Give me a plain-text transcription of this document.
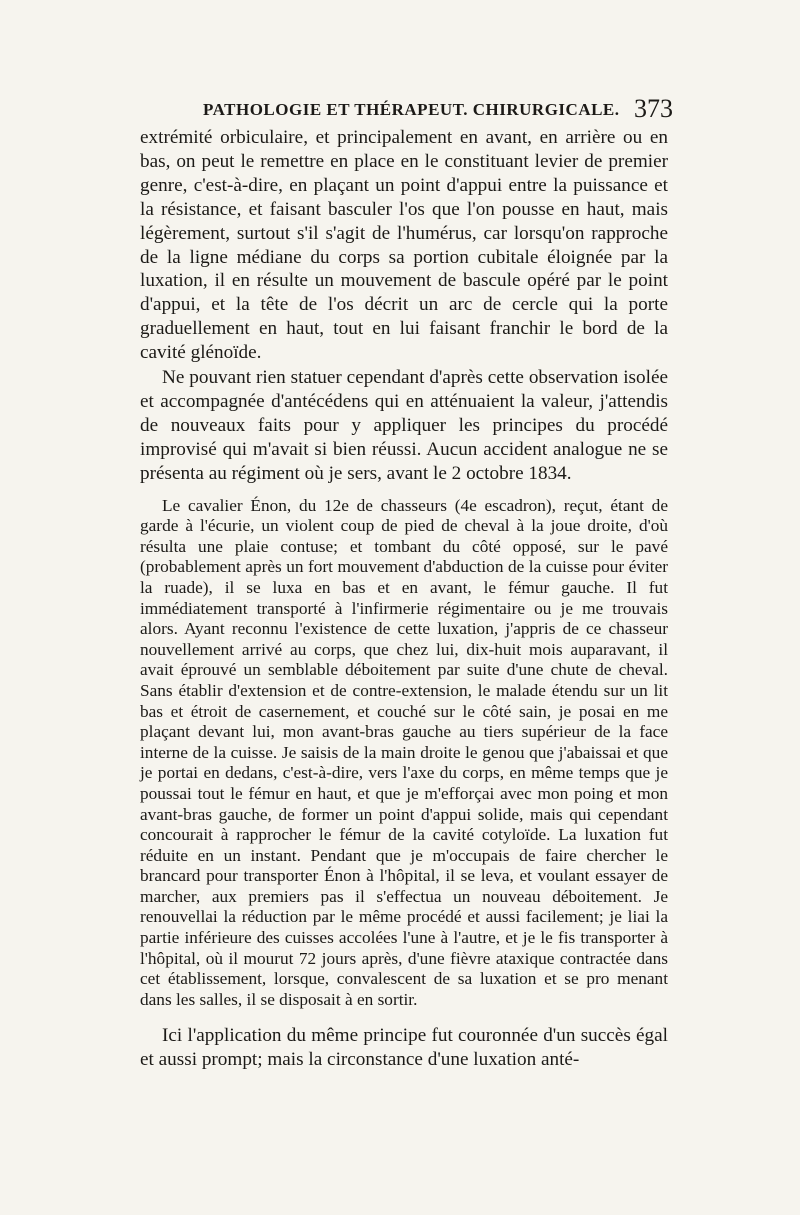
PATHOLOGIE ET THÉRAPEUT. CHIRURGICALE. 373

extrémité orbiculaire, et principalement en avant, en arrière ou en bas, on peut le remettre en place en le constituant levier de premier genre, c'est-à-dire, en plaçant un point d'appui entre la puissance et la résistance, et faisant basculer l'os que l'on pousse en haut, mais légèrement, surtout s'il s'agit de l'humérus, car lorsqu'on rapproche de la ligne médiane du corps sa portion cubitale éloignée par la luxation, il en résulte un mouvement de bascule opéré par le point d'appui, et la tête de l'os décrit un arc de cercle qui la porte graduellement en haut, tout en lui faisant franchir le bord de la cavité glénoïde.

Ne pouvant rien statuer cependant d'après cette observation isolée et accompagnée d'antécédens qui en atténuaient la valeur, j'attendis de nouveaux faits pour y appliquer les principes du procédé improvisé qui m'avait si bien réussi. Aucun accident analogue ne se présenta au régiment où je sers, avant le 2 octobre 1834.

Le cavalier Énon, du 12e de chasseurs (4e escadron), reçut, étant de garde à l'écurie, un violent coup de pied de cheval à la joue droite, d'où résulta une plaie contuse; et tombant du côté opposé, sur le pavé (probablement après un fort mouvement d'abduction de la cuisse pour éviter la ruade), il se luxa en bas et en avant, le fémur gauche. Il fut immédiatement transporté à l'infirmerie régimentaire ou je me trouvais alors. Ayant reconnu l'existence de cette luxation, j'appris de ce chasseur nouvellement arrivé au corps, que chez lui, dix-huit mois auparavant, il avait éprouvé un semblable déboitement par suite d'une chute de cheval. Sans établir d'extension et de contre-extension, le malade étendu sur un lit bas et étroit de casernement, et couché sur le côté sain, je posai en me plaçant devant lui, mon avant-bras gauche au tiers supérieur de la face interne de la cuisse. Je saisis de la main droite le genou que j'abaissai et que je portai en dedans, c'est-à-dire, vers l'axe du corps, en même temps que je poussai tout le fémur en haut, et que je m'efforçai avec mon poing et mon avant-bras gauche, de former un point d'appui solide, mais qui cependant concourait à rapprocher le fémur de la cavité cotyloïde. La luxation fut réduite en un instant. Pendant que je m'occupais de faire chercher le brancard pour transporter Énon à l'hôpital, il se leva, et voulant essayer de marcher, aux premiers pas il s'effectua un nouveau déboitement. Je renouvellai la réduction par le même procédé et aussi facilement; je liai la partie inférieure des cuisses accolées l'une à l'autre, et je le fis transporter à l'hôpital, où il mourut 72 jours après, d'une fièvre ataxique contractée dans cet établissement, lorsque, convalescent de sa luxation et se pro menant dans les salles, il se disposait à en sortir.

Ici l'application du même principe fut couronnée d'un succès égal et aussi prompt; mais la circonstance d'une luxation anté-
